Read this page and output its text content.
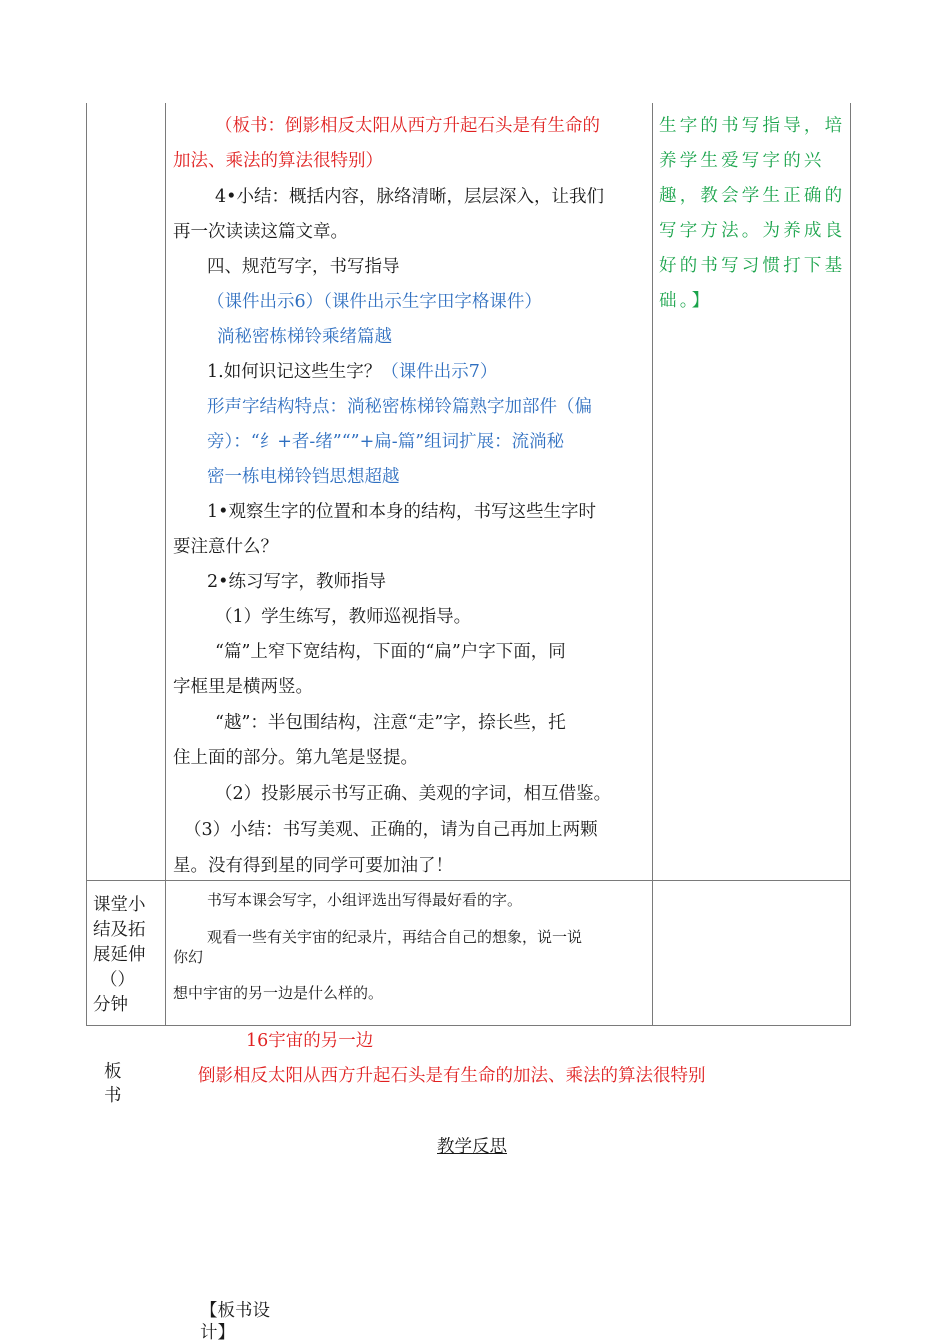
（板书：倒影相反太阳从西方升起石头是有生命的
加法、乘法的算法很特别）
4•小结：概括内容，脉络清晰，层层深入，让我们
再一次读读这篇文章。
四、规范写字，书写指导
（课件出示6）（课件出示生字田字格课件）
淌秘密栋梯铃乘绪篇越
1.如何识记这些生字？（课件出示7）
形声字结构特点：淌秘密栋梯铃篇熟字加部件（偏
旁）：“纟+者-绪”“”+扁-篇”组词扩展：流淌秘
密一栋电梯铃铛思想超越
1•观察生字的位置和本身的结构，书写这些生字时
要注意什么？
2•练习写字，教师指导
（1）学生练写，教师巡视指导。
“篇”上窄下宽结构，下面的“扁”户字下面，同
字框里是横两竖。
“越”：半包围结构，注意“走”字，捺长些，托
住上面的部分。第九笔是竖提。
（2）投影展示书写正确、美观的字词，相互借鉴。
（3）小结：书写美观、正确的，请为自己再加上两颗
星。没有得到星的同学可要加油了！
生字的书写指导，培
养学生爱写字的兴
趣，教会学生正确的
写字方法。为养成良
好的书写习惯打下基
础。】
课堂小
结及拓
展延伸
（）
分钟
书写本课会写字，小组评选出写得最好看的字。
观看一些有关宇宙的纪录片，再结合自己的想象，说一说
你幻
想中宇宙的另一边是什么样的。
16宇宙的另一边
板
书
倒影相反太阳从西方升起石头是有生命的加法、乘法的算法很特别
教学反思
【板书设
计】
